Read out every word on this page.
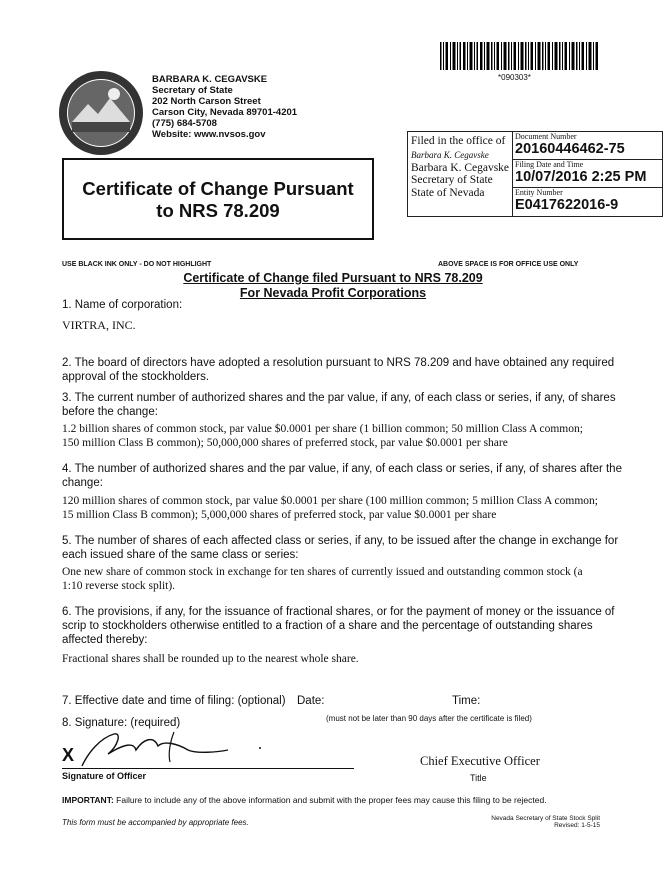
*090303*
BARBARA K. CEGAVSKE
Secretary of State
202 North Carson Street
Carson City, Nevada 89701-4201
(775) 684-5708
Website: www.nvsos.gov
Filed in the office of
Barbara K. Cegavske
Barbara K. Cegavske
Secretary of State
State of Nevada
Document Number
20160446462-75
Filing Date and Time
10/07/2016 2:25 PM
Entity Number
E0417622016-9
Certificate of Change Pursuant
to NRS 78.209
USE BLACK INK ONLY - DO NOT HIGHLIGHT	ABOVE SPACE IS FOR OFFICE USE ONLY
Certificate of Change filed Pursuant to NRS 78.209
For Nevada Profit Corporations
1. Name of corporation:
VIRTRA, INC.
2. The board of directors have adopted a resolution pursuant to NRS 78.209 and have obtained any required approval of the stockholders.
3. The current number of authorized shares and the par value, if any, of each class or series, if any, of shares before the change:
1.2 billion shares of common stock, par value $0.0001 per share (1 billion common; 50 million Class A common; 150 million Class B common); 50,000,000 shares of preferred stock, par value $0.0001 per share
4. The number of authorized shares and the par value, if any, of each class or series, if any, of shares after the change:
120 million shares of common stock, par value $0.0001 per share (100 million common; 5 million Class A common; 15 million Class B common); 5,000,000 shares of preferred stock, par value $0.0001 per share
5. The number of shares of each affected class or series, if any, to be issued after the change in exchange for each issued share of the same class or series:
One new share of common stock in exchange for ten shares of currently issued and outstanding common stock (a 1:10 reverse stock split).
6. The provisions, if any, for the issuance of fractional shares, or for the payment of money or the issuance of scrip to stockholders otherwise entitled to a fraction of a share and the percentage of outstanding shares affected thereby:
Fractional shares shall be rounded up to the nearest whole share.
7. Effective date and time of filing: (optional) Date:	Time:
8. Signature: (required)	(must not be later than 90 days after the certificate is filed)
X
Signature of Officer
Chief Executive Officer
Title
IMPORTANT: Failure to include any of the above information and submit with the proper fees may cause this filing to be rejected.
This form must be accompanied by appropriate fees.	Nevada Secretary of State Stock Split
Revised: 1-5-15
